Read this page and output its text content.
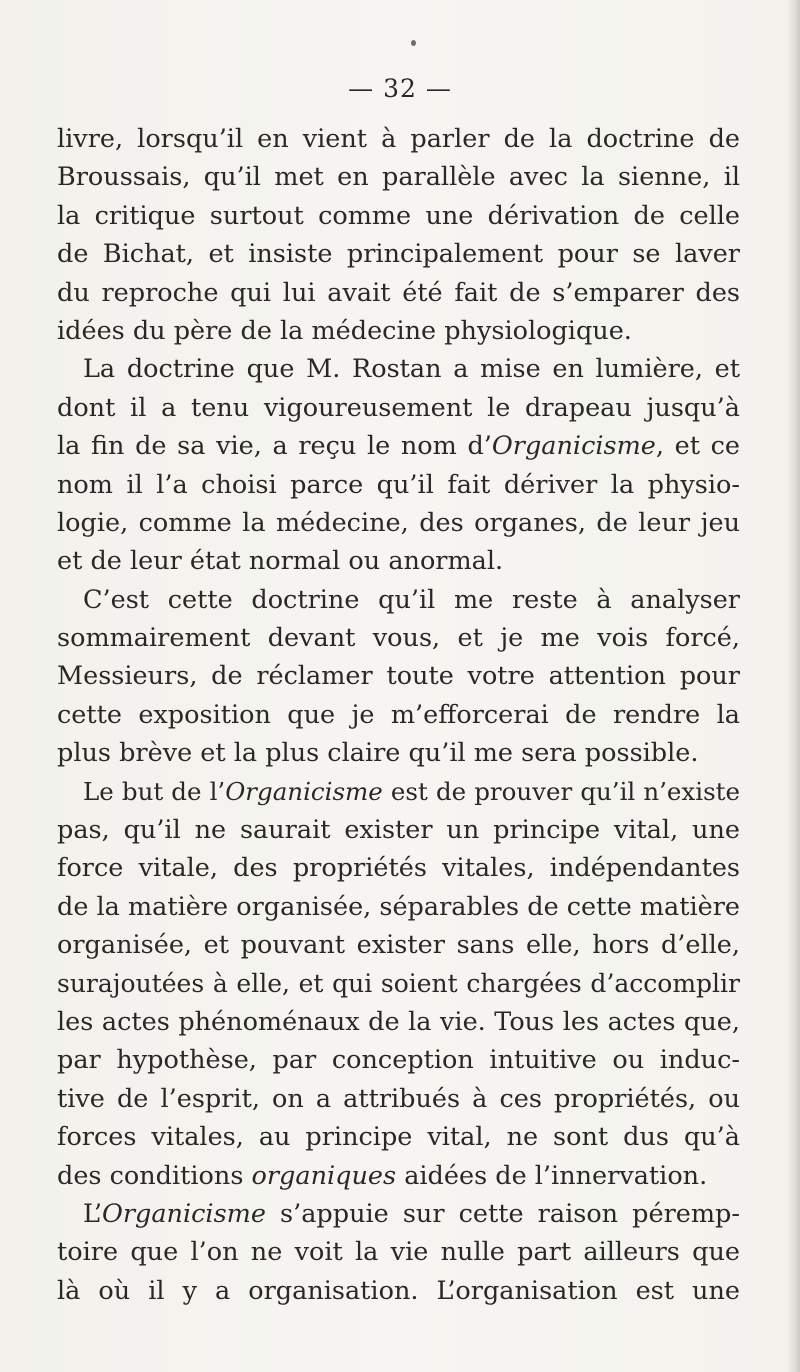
— 32 —
livre, lorsqu’il en vient à parler de la doctrine de
Broussais, qu’il met en parallèle avec la sienne, il
la critique surtout comme une dérivation de celle
de Bichat, et insiste principalement pour se laver
du reproche qui lui avait été fait de s’emparer des
idées du père de la médecine physiologique.
La doctrine que M. Rostan a mise en lumière, et
dont il a tenu vigoureusement le drapeau jusqu’à
la fin de sa vie, a reçu le nom d’Organicisme, et ce
nom il l’a choisi parce qu’il fait dériver la physio-
logie, comme la médecine, des organes, de leur jeu
et de leur état normal ou anormal.
C’est cette doctrine qu’il me reste à analyser
sommairement devant vous, et je me vois forcé,
Messieurs, de réclamer toute votre attention pour
cette exposition que je m’efforcerai de rendre la
plus brève et la plus claire qu’il me sera possible.
Le but de l’Organicisme est de prouver qu’il n’existe
pas, qu’il ne saurait exister un principe vital, une
force vitale, des propriétés vitales, indépendantes
de la matière organisée, séparables de cette matière
organisée, et pouvant exister sans elle, hors d’elle,
surajoutées à elle, et qui soient chargées d’accomplir
les actes phénoménaux de la vie. Tous les actes que,
par hypothèse, par conception intuitive ou induc-
tive de l’esprit, on a attribués à ces propriétés, ou
forces vitales, au principe vital, ne sont dus qu’à
des conditions organiques aidées de l’innervation.
L’Organicisme s’appuie sur cette raison péremp-
toire que l’on ne voit la vie nulle part ailleurs que
là où il y a organisation. L’organisation est une
